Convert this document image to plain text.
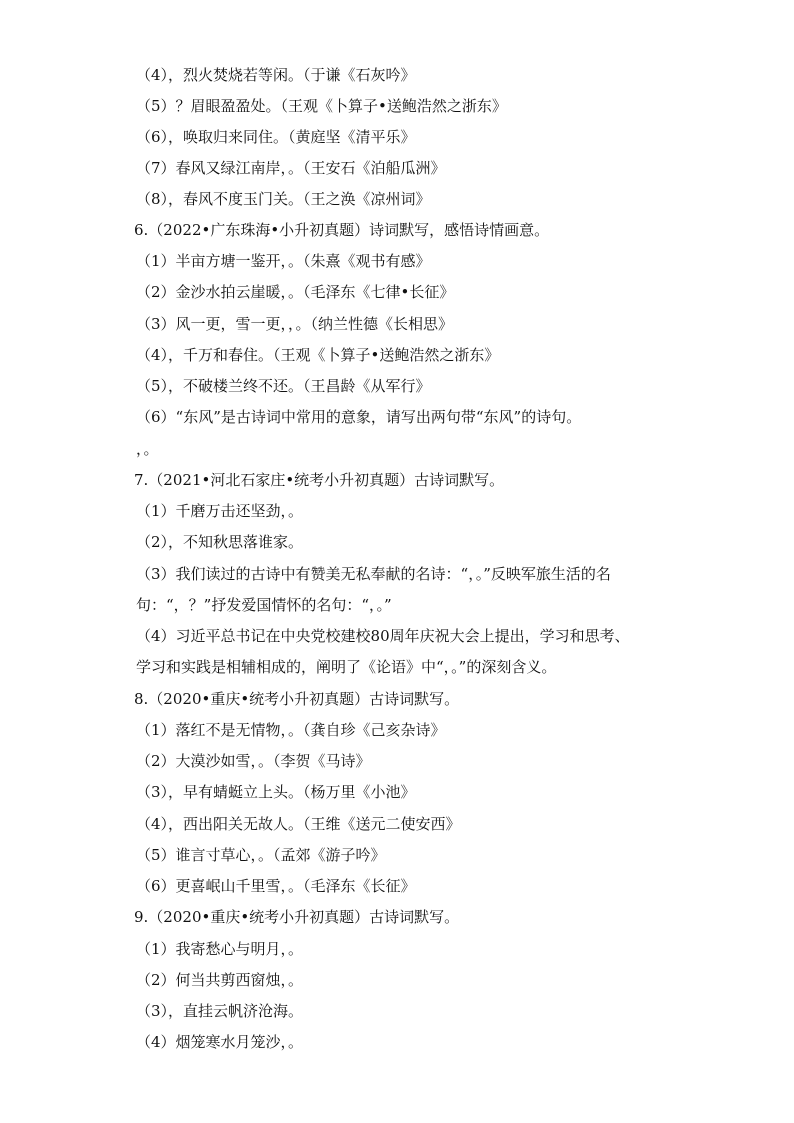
（4），烈火焚烧若等闲。（于谦《石灰吟》
（5）？眉眼盈盈处。（王观《卜算子•送鲍浩然之浙东》
（6），唤取归来同住。（黄庭坚《清平乐》
（7）春风又绿江南岸，。（王安石《泊船瓜洲》
（8），春风不度玉门关。（王之涣《凉州词》
6.（2022•广东珠海•小升初真题）诗词默写，感悟诗情画意。
（1）半亩方塘一鉴开，。（朱熹《观书有感》
（2）金沙水拍云崖暖，。（毛泽东《七律•长征》
（3）风一更，雪一更，，。（纳兰性德《长相思》
（4），千万和春住。（王观《卜算子•送鲍浩然之浙东》
（5），不破楼兰终不还。（王昌龄《从军行》
（6）“东风”是古诗词中常用的意象，请写出两句带“东风”的诗句。
，。
7.（2021•河北石家庄•统考小升初真题）古诗词默写。
（1）千磨万击还坚劲，。
（2），不知秋思落谁家。
（3）我们读过的古诗中有赞美无私奉献的名诗：“，。”反映军旅生活的名
句：“，？”抒发爱国情怀的名句：“，。”
（4）习近平总书记在中央党校建校80周年庆祝大会上提出，学习和思考、
学习和实践是相辅相成的，阐明了《论语》中“，。”的深刻含义。
8.（2020•重庆•统考小升初真题）古诗词默写。
（1）落红不是无情物，。（龚自珍《己亥杂诗》
（2）大漠沙如雪，。（李贺《马诗》
（3），早有蜻蜓立上头。（杨万里《小池》
（4），西出阳关无故人。（王维《送元二使安西》
（5）谁言寸草心，。（孟郊《游子吟》
（6）更喜岷山千里雪，。（毛泽东《长征》
9.（2020•重庆•统考小升初真题）古诗词默写。
（1）我寄愁心与明月，。
（2）何当共剪西窗烛，。
（3），直挂云帆济沧海。
（4）烟笼寒水月笼沙，。
